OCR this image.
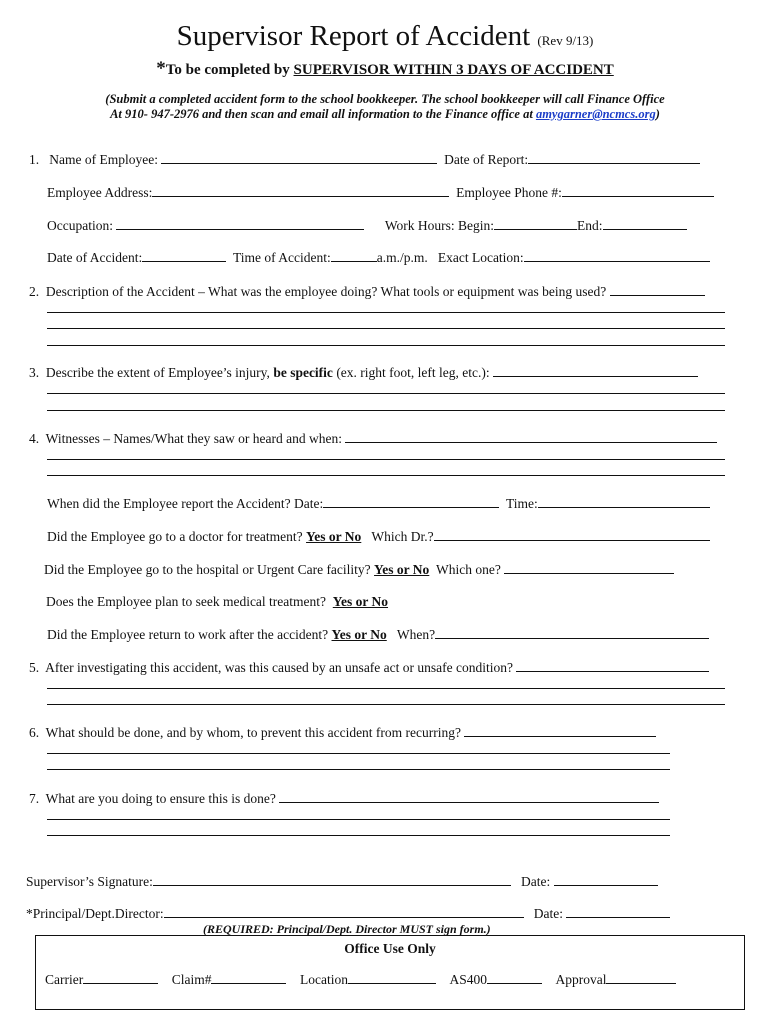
Supervisor Report of Accident (Rev 9/13)
*To be completed by SUPERVISOR WITHIN 3 DAYS OF ACCIDENT
(Submit a completed accident form to the school bookkeeper. The school bookkeeper will call Finance Office
At 910- 947-2976 and then scan and email all information to the Finance office at amygarner@ncmcs.org)
1. Name of Employee:	Date of Report:
Employee Address:	Employee Phone #:
Occupation:	Work Hours: Begin:	End:
Date of Accident:	Time of Accident:	a.m./p.m. Exact Location:
2. Description of the Accident – What was the employee doing? What tools or equipment was being used?
3. Describe the extent of Employee’s injury, be specific (ex. right foot, left leg, etc.):
4. Witnesses – Names/What they saw or heard and when:
When did the Employee report the Accident? Date:	Time:
Did the Employee go to a doctor for treatment? Yes or No Which Dr.?
Did the Employee go to the hospital or Urgent Care facility? Yes or No Which one?
Does the Employee plan to seek medical treatment? Yes or No
Did the Employee return to work after the accident? Yes or No When?
5. After investigating this accident, was this caused by an unsafe act or unsafe condition?
6. What should be done, and by whom, to prevent this accident from recurring?
7. What are you doing to ensure this is done?
Supervisor’s Signature:	Date:
*Principal/Dept.Director:	Date:
(REQUIRED: Principal/Dept. Director MUST sign form.)
Office Use Only
Carrier	Claim#	Location	AS400	Approval
